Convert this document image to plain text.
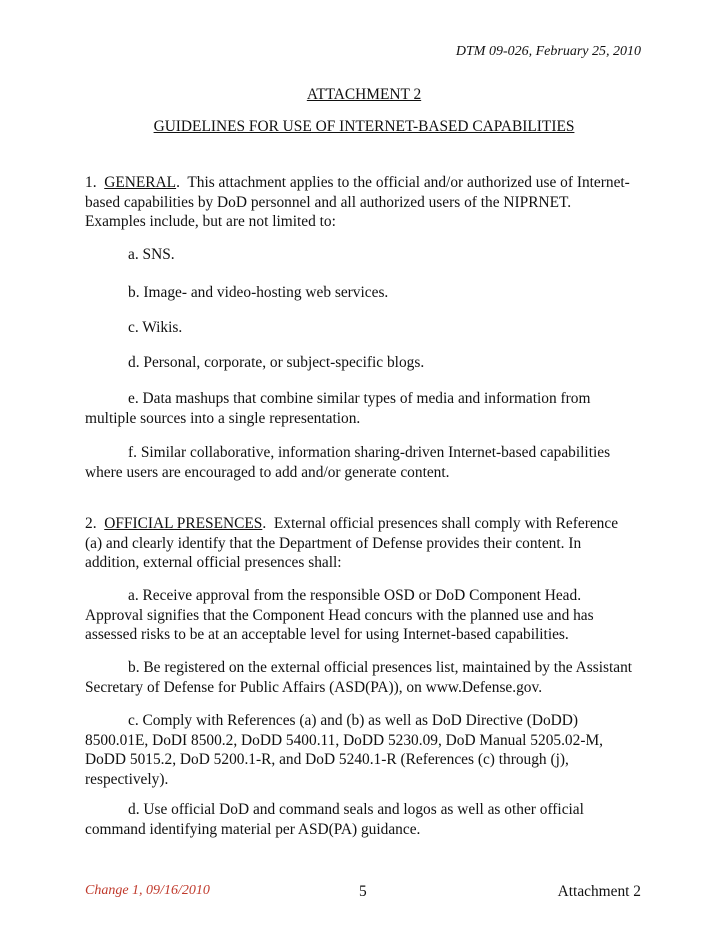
DTM 09-026, February 25, 2010
ATTACHMENT 2
GUIDELINES FOR USE OF INTERNET-BASED CAPABILITIES
1. GENERAL.  This attachment applies to the official and/or authorized use of Internet-
based capabilities by DoD personnel and all authorized users of the NIPRNET.
Examples include, but are not limited to:
a. SNS.
b. Image- and video-hosting web services.
c. Wikis.
d. Personal, corporate, or subject-specific blogs.
e. Data mashups that combine similar types of media and information from
multiple sources into a single representation.
f. Similar collaborative, information sharing-driven Internet-based capabilities
where users are encouraged to add and/or generate content.
2. OFFICIAL PRESENCES.  External official presences shall comply with Reference
(a) and clearly identify that the Department of Defense provides their content. In
addition, external official presences shall:
a. Receive approval from the responsible OSD or DoD Component Head.
Approval signifies that the Component Head concurs with the planned use and has
assessed risks to be at an acceptable level for using Internet-based capabilities.
b. Be registered on the external official presences list, maintained by the Assistant
Secretary of Defense for Public Affairs (ASD(PA)), on www.Defense.gov.
c. Comply with References (a) and (b) as well as DoD Directive (DoDD)
8500.01E, DoDI 8500.2, DoDD 5400.11, DoDD 5230.09, DoD Manual 5205.02-M,
DoDD 5015.2, DoD 5200.1-R, and DoD 5240.1-R (References (c) through (j),
respectively).
d. Use official DoD and command seals and logos as well as other official
command identifying material per ASD(PA) guidance.
Change 1, 09/16/2010	5	Attachment 2
